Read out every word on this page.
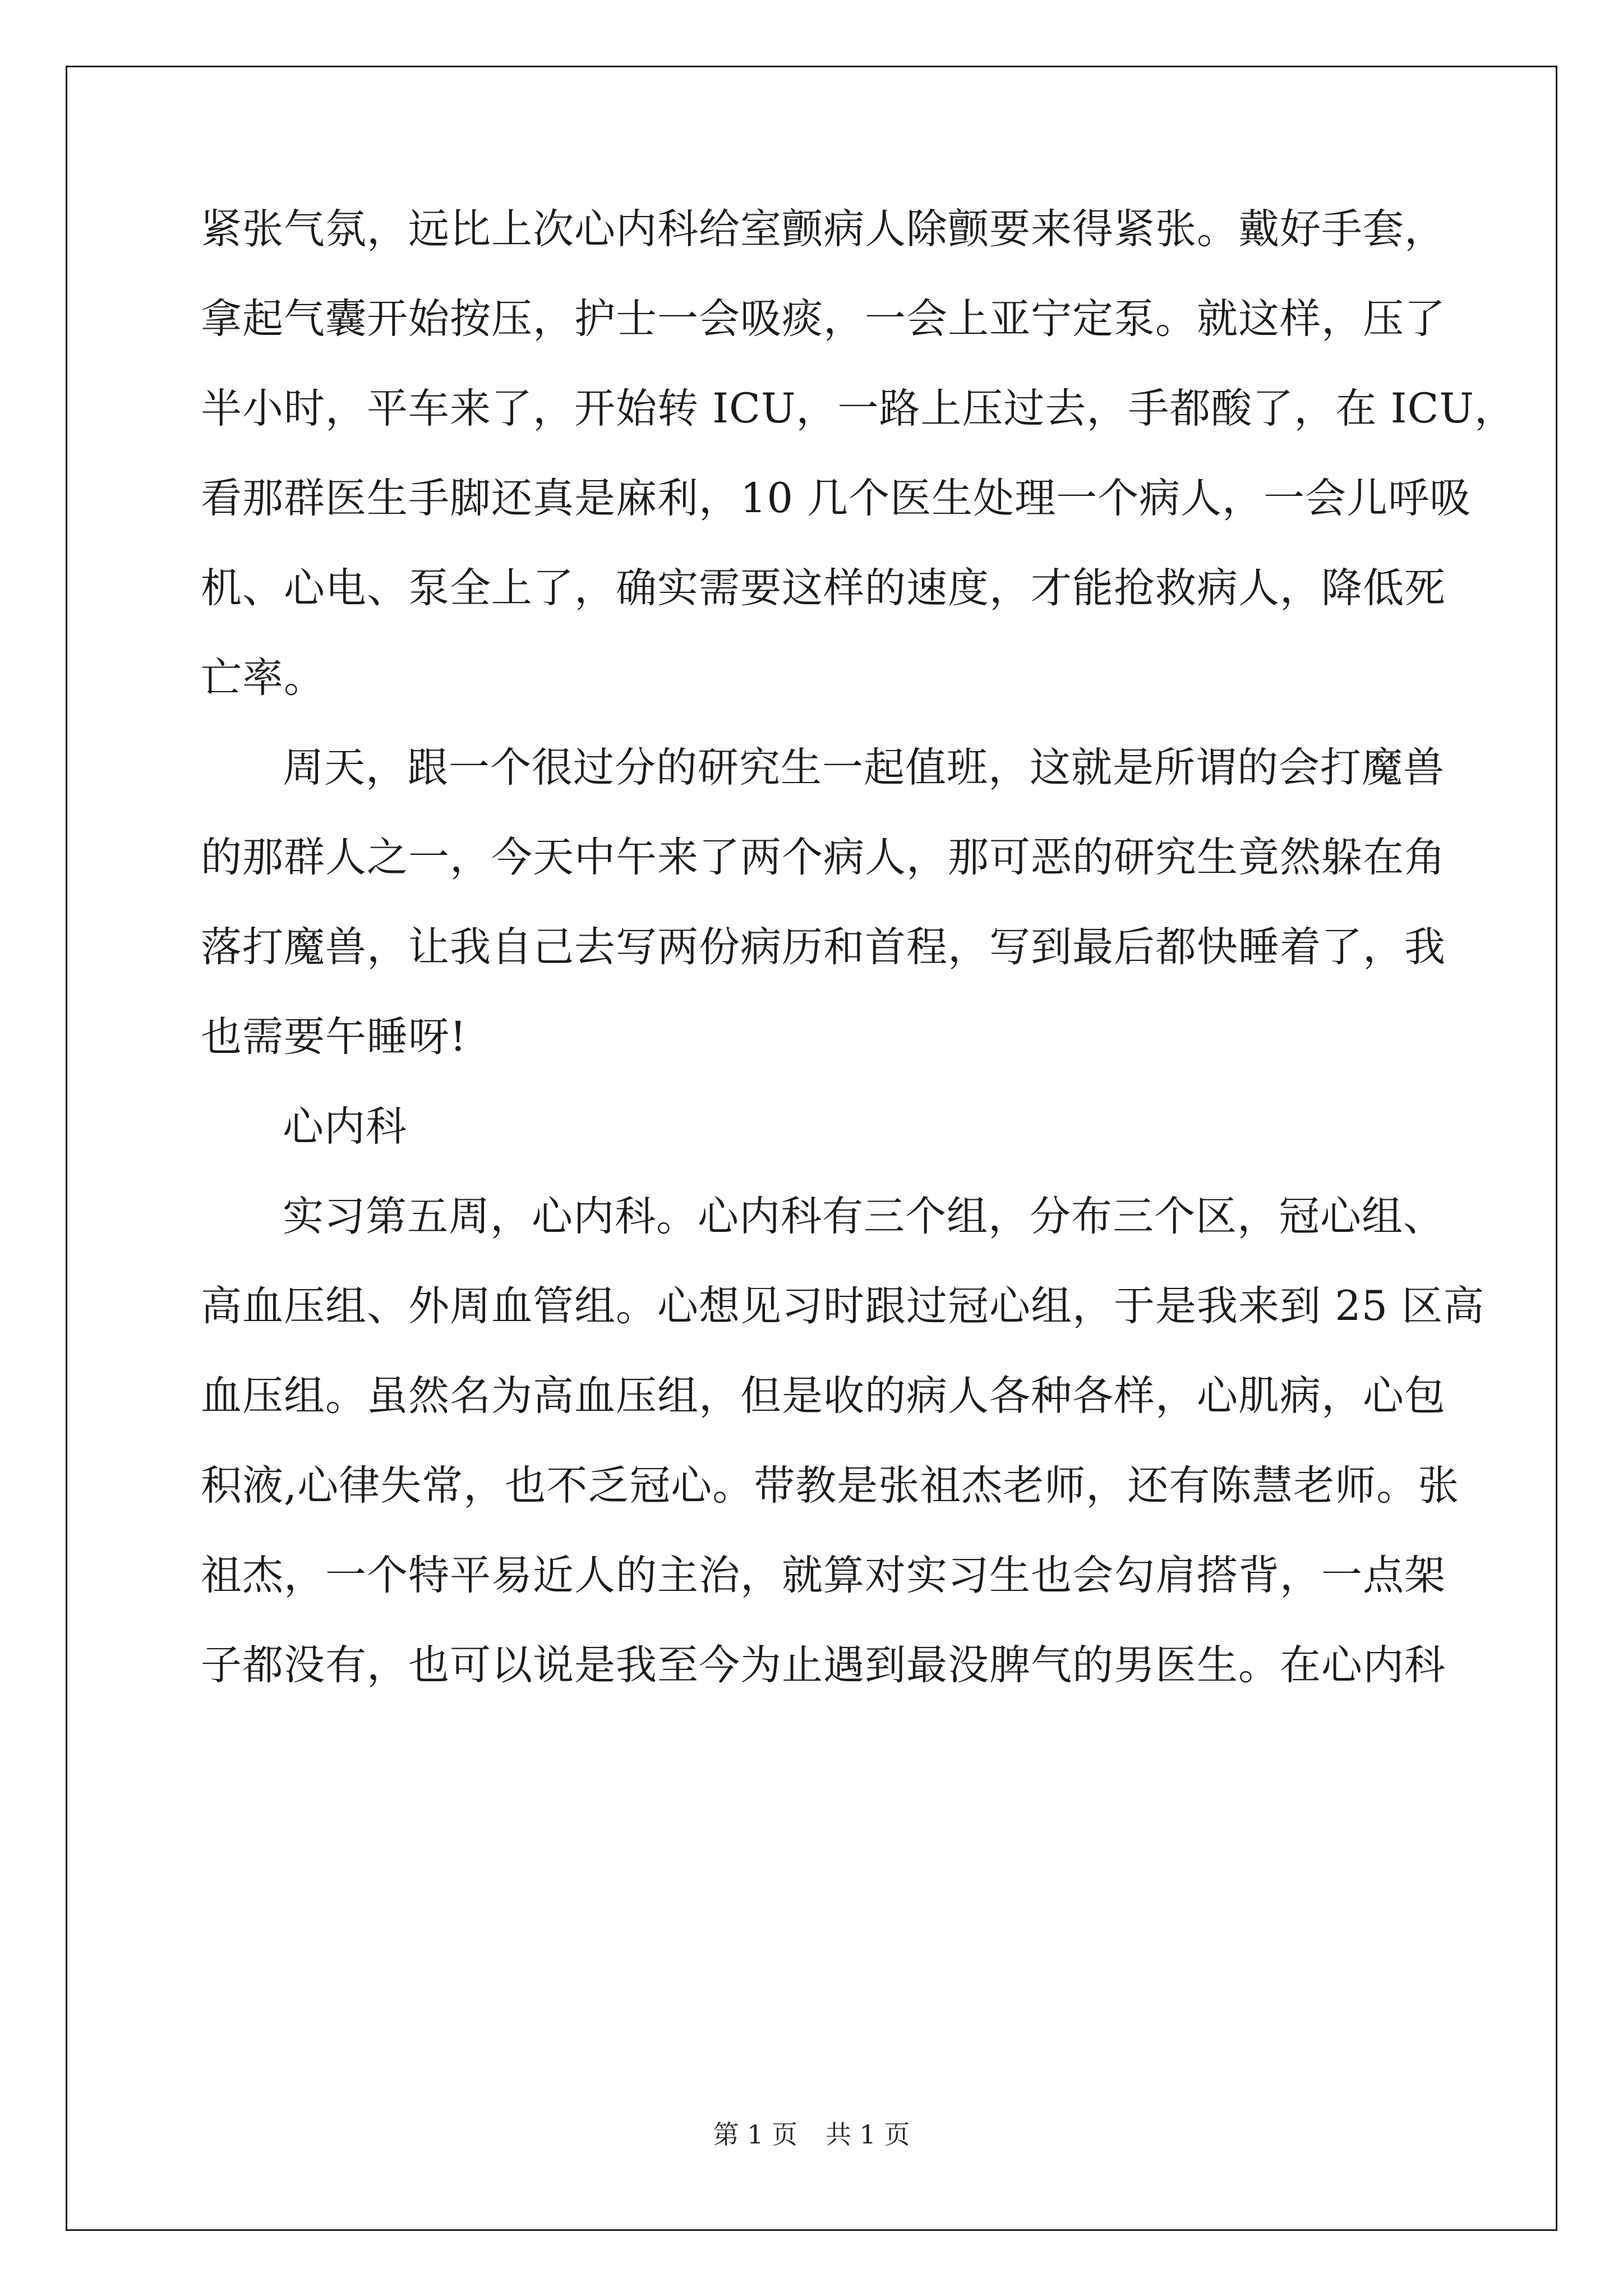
紧张气氛，远比上次心内科给室颤病人除颤要来得紧张。戴好手套，
拿起气囊开始按压，护士一会吸痰，一会上亚宁定泵。就这样，压了
半小时，平车来了，开始转 ICU，一路上压过去，手都酸了，在 ICU，
看那群医生手脚还真是麻利，10 几个医生处理一个病人，一会儿呼吸
机、心电、泵全上了，确实需要这样的速度，才能抢救病人，降低死
亡率。
周天，跟一个很过分的研究生一起值班，这就是所谓的会打魔兽
的那群人之一，今天中午来了两个病人，那可恶的研究生竟然躲在角
落打魔兽，让我自己去写两份病历和首程，写到最后都快睡着了，我
也需要午睡呀!
心内科
实习第五周，心内科。心内科有三个组，分布三个区，冠心组、
高血压组、外周血管组。心想见习时跟过冠心组，于是我来到 25 区高
血压组。虽然名为高血压组，但是收的病人各种各样，心肌病，心包
积液,心律失常，也不乏冠心。带教是张祖杰老师，还有陈慧老师。张
祖杰，一个特平易近人的主治，就算对实习生也会勾肩搭背，一点架
子都没有，也可以说是我至今为止遇到最没脾气的男医生。在心内科
第 1 页 共 1 页
